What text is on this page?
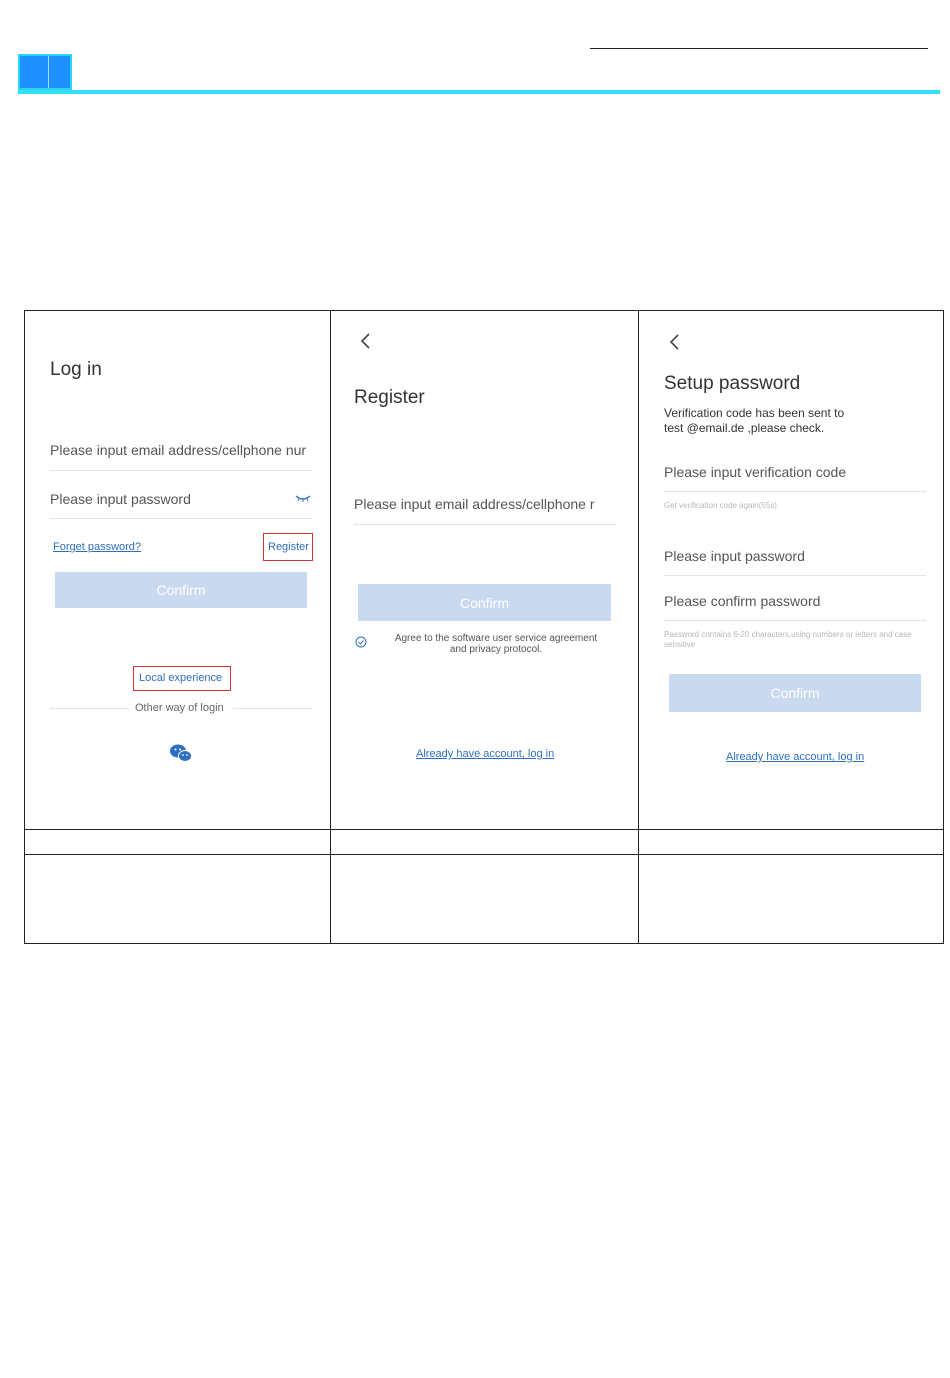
Log in
Please input email address/cellphone nur
Please input password
Forget password?	Register
Confirm
Local experience
Other way of login
Register
Please input email address/cellphone r
Confirm
Agree to the software user service agreement and privacy protocol.
Already have account, log in
Setup password
Verification code has been sent to
test @email.de ,please check.
Please input verification code
Get verification code again(55s)
Please input password
Please confirm password
Password contains 6-20 characters,using numbers or letters and case sensitive
Confirm
Already have account, log in
